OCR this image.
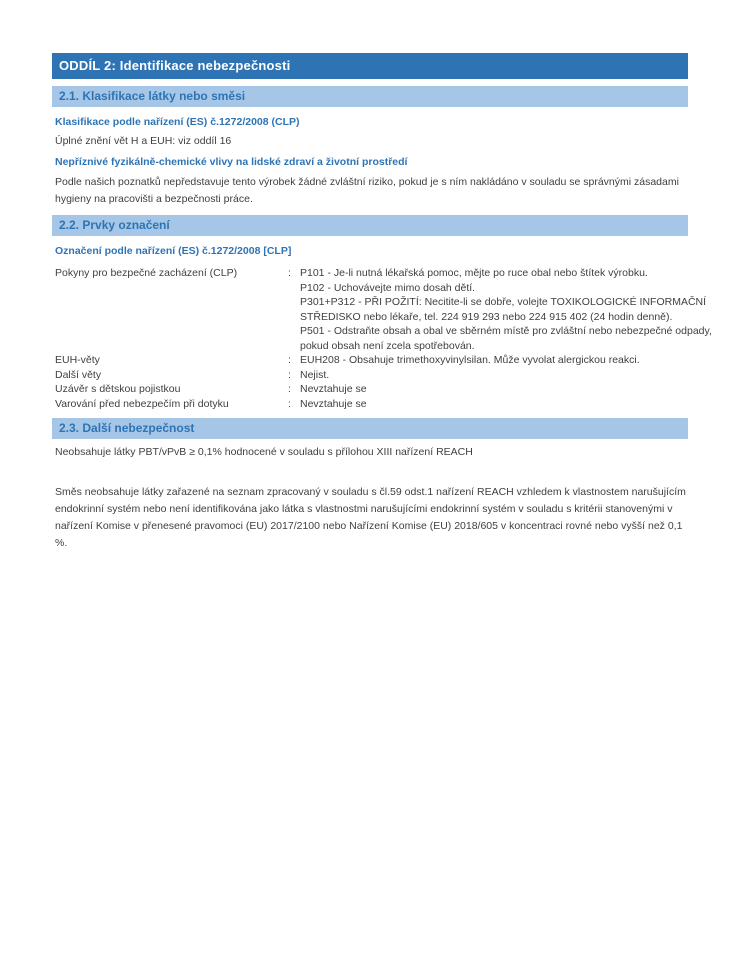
ODDÍL 2: Identifikace nebezpečnosti
2.1. Klasifikace látky nebo směsi
Klasifikace podle nařízení (ES) č.1272/2008 (CLP)
Úplné znění vět H a EUH: viz oddíl 16
Nepříznivé fyzikálně-chemické vlivy na lidské zdraví a životní prostředí

Podle našich poznatků nepředstavuje tento výrobek žádné zvláštní riziko, pokud je s ním nakládáno v souladu se správnými zásadami hygieny na pracovišti a bezpečnosti práce.

2.2. Prvky označení
Označení podle nařízení (ES) č.1272/2008 [CLP]
Pokyny pro bezpečné zacházení (CLP)	: P101 - Je-li nutná lékařská pomoc, mějte po ruce obal nebo štítek výrobku.
P102 - Uchovávejte mimo dosah dětí.
P301+P312 - PŘI POŽITÍ: Necitite-li se dobře, volejte TOXIKOLOGICKÉ INFORMAČNÍ
STŘEDISKO nebo lékaře, tel. 224 919 293 nebo 224 915 402 (24 hodin denně).
P501 - Odstraňte obsah a obal ve sběrném místě pro zvláštní nebo nebezpečné odpady,
pokud obsah není zcela spotřebován.
EUH-věty	: EUH208 - Obsahuje trimethoxyvinylsilan. Může vyvolat alergickou reakci.
Další věty	: Nejist.
Uzávěr s dětskou pojistkou	: Nevztahuje se
Varování před nebezpečím při dotyku	: Nevztahuje se
2.3. Další nebezpečnost
Neobsahuje látky PBT/vPvB ≥ 0,1% hodnocené v souladu s přílohou XIII nařízení REACH

Směs neobsahuje látky zařazené na seznam zpracovaný v souladu s čl.59 odst.1 nařízení REACH vzhledem k vlastnostem narušujícím endokrinní systém nebo není identifikována jako látka s vlastnostmi narušujícími endokrinní systém v souladu s kritérii stanovenými v nařízení Komise v přenesené pravomoci (EU) 2017/2100 nebo Nařízení Komise (EU) 2018/605 v koncentraci rovné nebo vyšší než 0,1 %.
